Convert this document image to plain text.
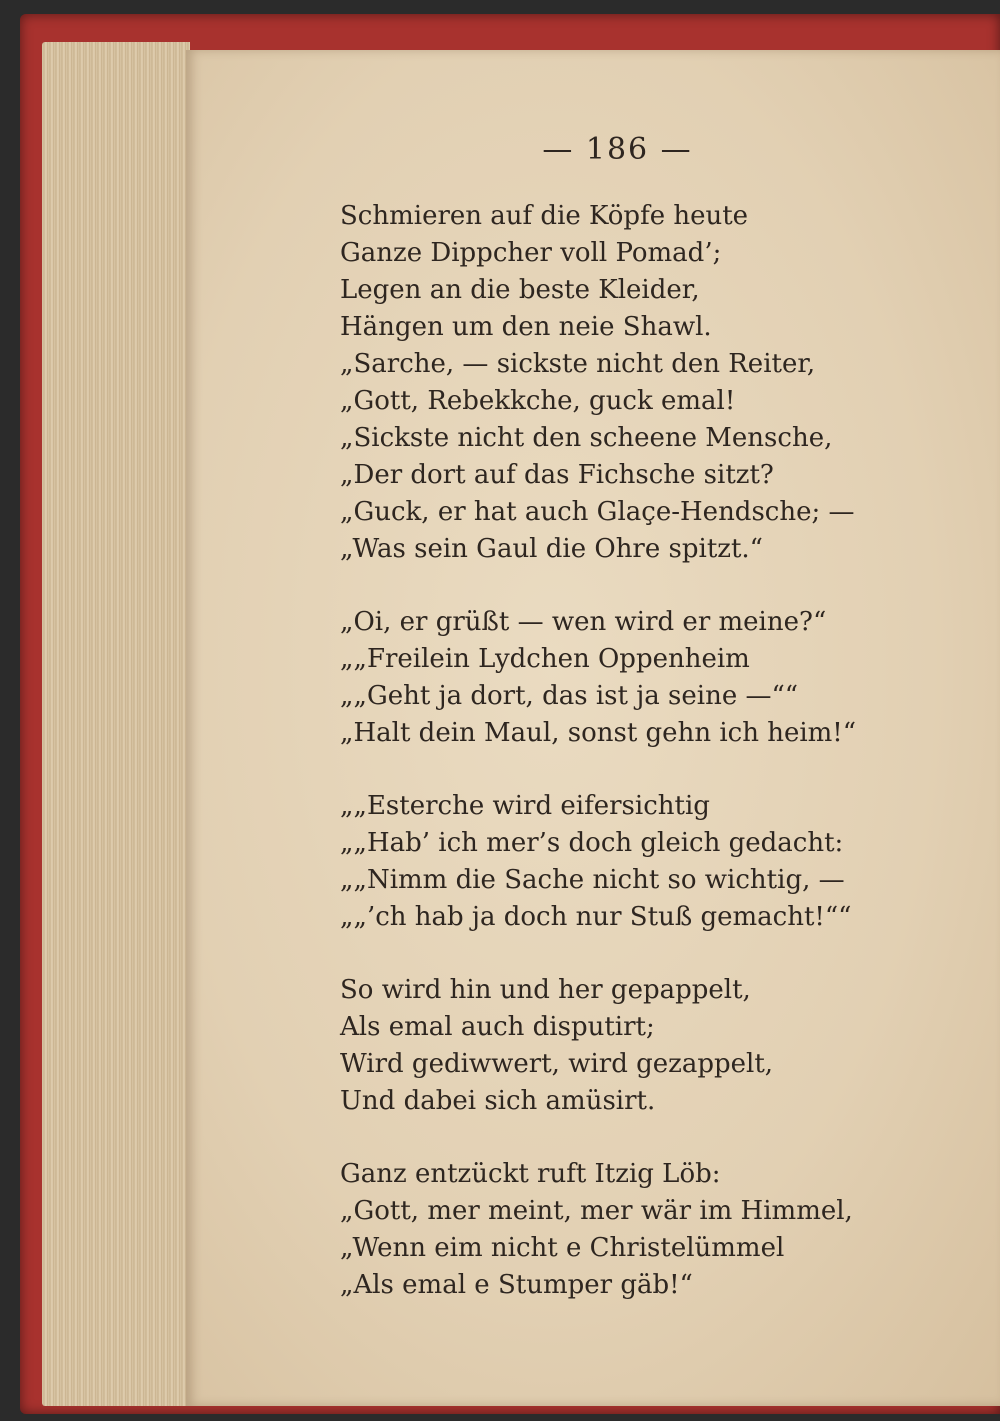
— 186 —
Schmieren auf die Köpfe heute
Ganze Dippcher voll Pomad’;
Legen an die beste Kleider,
Hängen um den neie Shawl.
„Sarche, — sickste nicht den Reiter,
„Gott, Rebekkche, guck emal!
„Sickste nicht den scheene Mensche,
„Der dort auf das Fichsche sitzt?
„Guck, er hat auch Glaçe-Hendsche; —
„Was sein Gaul die Ohre spitzt.“
„Oi, er grüßt — wen wird er meine?“
„„Freilein Lydchen Oppenheim
„„Geht ja dort, das ist ja seine —““
„Halt dein Maul, sonst gehn ich heim!“
„„Esterche wird eifersichtig
„„Hab’ ich mer’s doch gleich gedacht:
„„Nimm die Sache nicht so wichtig, —
„„’ch hab ja doch nur Stuß gemacht!““
So wird hin und her gepappelt,
Als emal auch disputirt;
Wird gediwwert, wird gezappelt,
Und dabei sich amüsirt.
Ganz entzückt ruft Itzig Löb:
„Gott, mer meint, mer wär im Himmel,
„Wenn eim nicht e Christelümmel
„Als emal e Stumper gäb!“
